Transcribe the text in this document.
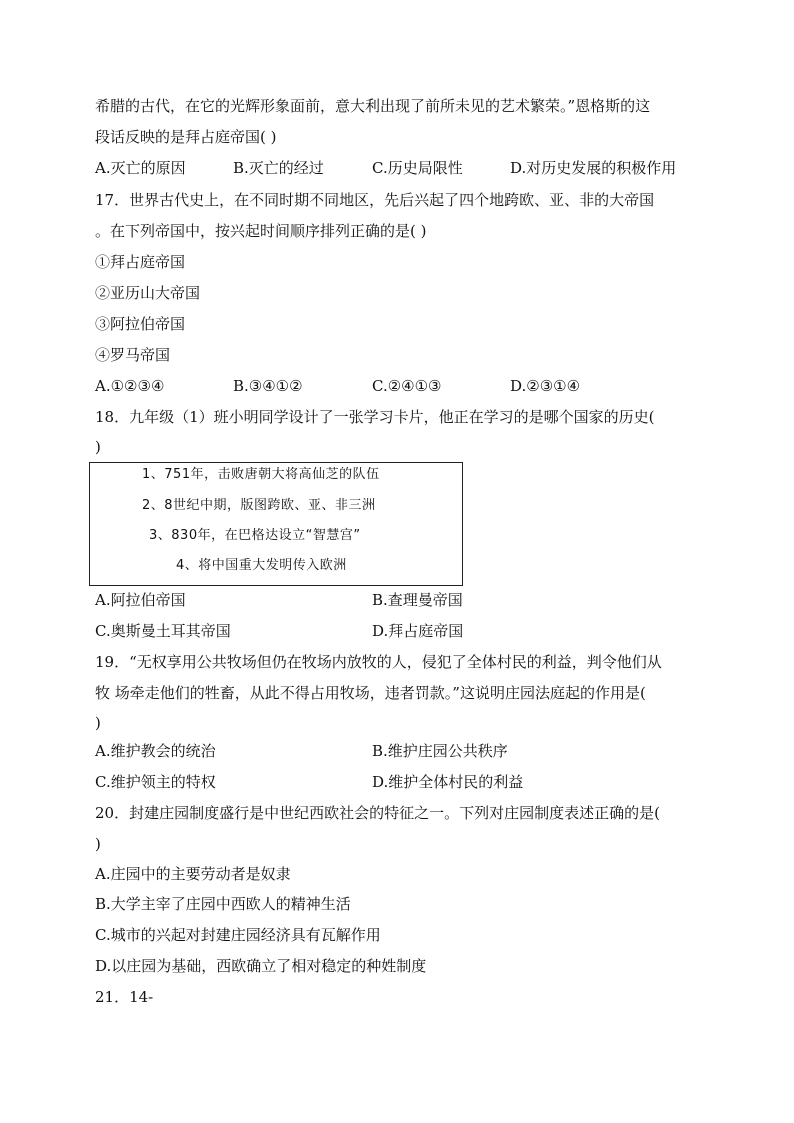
希腊的古代，在它的光辉形象面前，意大利出现了前所未见的艺术繁荣。”恩格斯的这
段话反映的是拜占庭帝国( )
A.灭亡的原因	B.灭亡的经过	C.历史局限性	D.对历史发展的积极作用
17．世界古代史上，在不同时期不同地区，先后兴起了四个地跨欧、亚、非的大帝国
。在下列帝国中，按兴起时间顺序排列正确的是( )
①拜占庭帝国
②亚历山大帝国
③阿拉伯帝国
④罗马帝国
A.①②③④	B.③④①②	C.②④①③	D.②③①④
18．九年级（1）班小明同学设计了一张学习卡片，他正在学习的是哪个国家的历史(
)
1、751年，击败唐朝大将高仙芝的队伍
2、8世纪中期，版图跨欧、亚、非三洲
3、830年，在巴格达设立“智慧宫”
4、将中国重大发明传入欧洲
A.阿拉伯帝国	B.查理曼帝国
C.奥斯曼土耳其帝国	D.拜占庭帝国
19．“无权享用公共牧场但仍在牧场内放牧的人，侵犯了全体村民的利益，判令他们从
牧 场牵走他们的牲畜，从此不得占用牧场，违者罚款。”这说明庄园法庭起的作用是(
)
A.维护教会的统治	B.维护庄园公共秩序
C.维护领主的特权	D.维护全体村民的利益
20．封建庄园制度盛行是中世纪西欧社会的特征之一。下列对庄园制度表述正确的是(
)
A.庄园中的主要劳动者是奴隶
B.大学主宰了庄园中西欧人的精神生活
C.城市的兴起对封建庄园经济具有瓦解作用
D.以庄园为基础，西欧确立了相对稳定的种姓制度
21．14-
